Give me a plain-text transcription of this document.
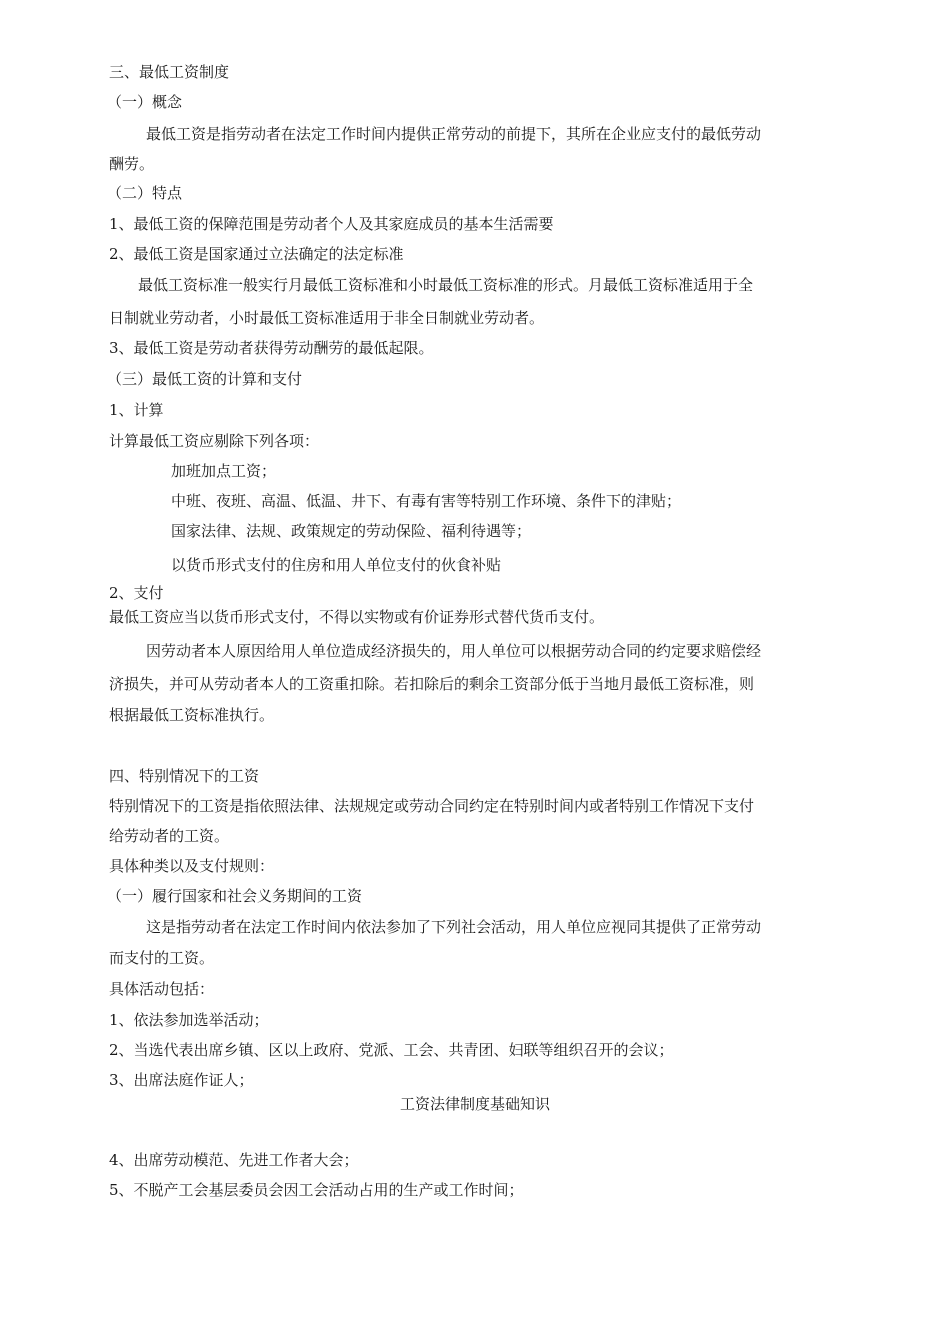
三、最低工资制度

（一）概念

最低工资是指劳动者在法定工作时间内提供正常劳动的前提下，其所在企业应支付的最低劳动

酬劳。

（二）特点

1、最低工资的保障范围是劳动者个人及其家庭成员的基本生活需要

2、最低工资是国家通过立法确定的法定标准

最低工资标准一般实行月最低工资标准和小时最低工资标准的形式。月最低工资标准适用于全

日制就业劳动者，小时最低工资标准适用于非全日制就业劳动者。

3、最低工资是劳动者获得劳动酬劳的最低起限。

（三）最低工资的计算和支付

1、计算

计算最低工资应剔除下列各项：

加班加点工资；

中班、夜班、高温、低温、井下、有毒有害等特别工作环境、条件下的津贴；

国家法律、法规、政策规定的劳动保险、福利待遇等；

以货币形式支付的住房和用人单位支付的伙食补贴

2、支付

最低工资应当以货币形式支付，不得以实物或有价证券形式替代货币支付。

因劳动者本人原因给用人单位造成经济损失的，用人单位可以根据劳动合同的约定要求赔偿经

济损失，并可从劳动者本人的工资重扣除。若扣除后的剩余工资部分低于当地月最低工资标准，则

根据最低工资标准执行。

四、特别情况下的工资

特别情况下的工资是指依照法律、法规规定或劳动合同约定在特别时间内或者特别工作情况下支付

给劳动者的工资。

具体种类以及支付规则：

（一）履行国家和社会义务期间的工资

这是指劳动者在法定工作时间内依法参加了下列社会活动，用人单位应视同其提供了正常劳动

而支付的工资。

具体活动包括：

1、依法参加选举活动；

2、当选代表出席乡镇、区以上政府、党派、工会、共青团、妇联等组织召开的会议；

3、出席法庭作证人；

工资法律制度基础知识

4、出席劳动模范、先进工作者大会；

5、不脱产工会基层委员会因工会活动占用的生产或工作时间；
